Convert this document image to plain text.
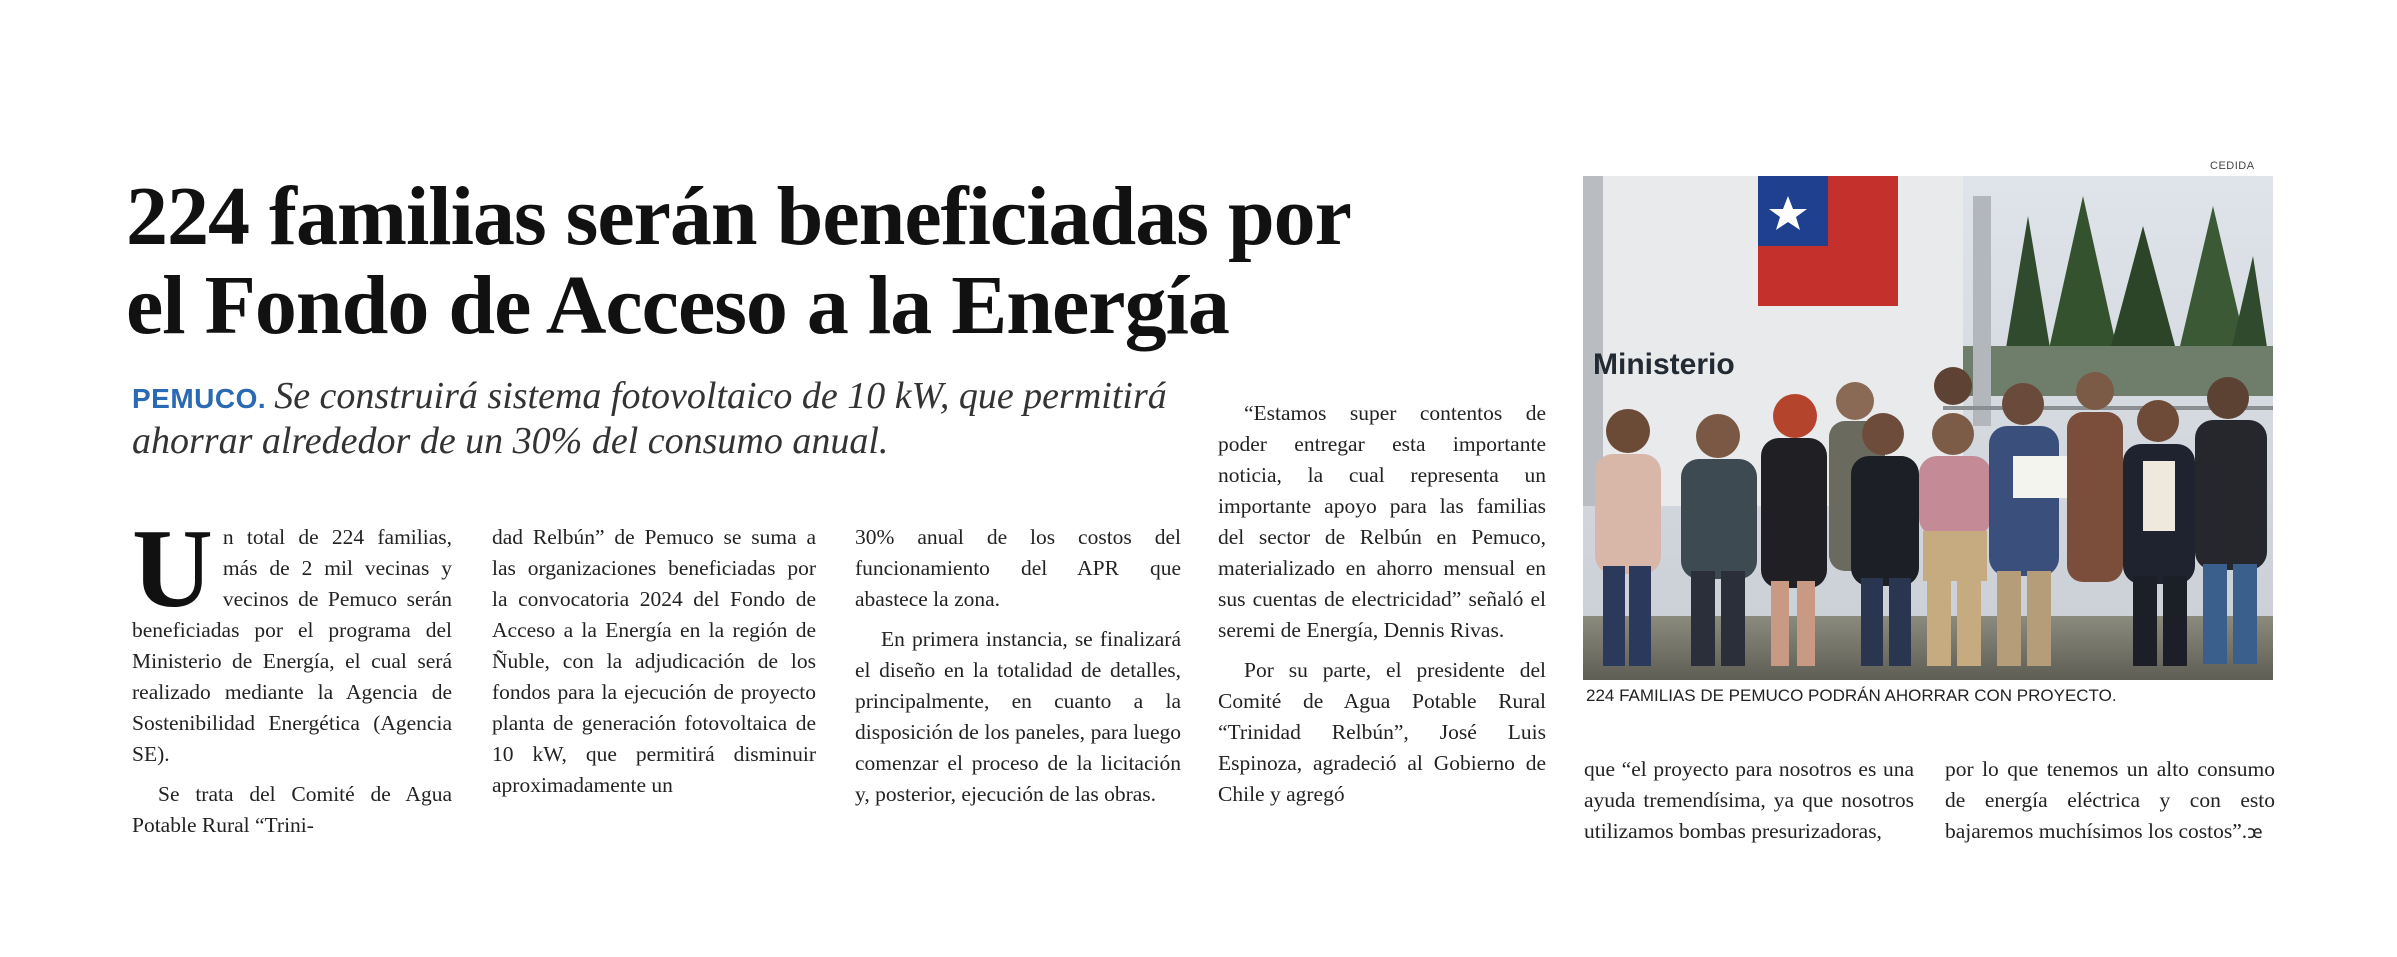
224 familias serán beneficiadas por
el Fondo de Acceso a la Energía
PEMUCO. Se construirá sistema fotovoltaico de 10 kW, que permitirá
ahorrar alrededor de un 30% del consumo anual.

Un total de 224 familias, más de 2 mil vecinas y vecinos de Pemuco serán beneficiadas por el programa del Ministerio de Energía, el cual será realizado mediante la Agencia de Sostenibilidad Energética (Agencia SE).

Se trata del Comité de Agua Potable Rural “Trini-

dad Relbún” de Pemuco se suma a las organizaciones beneficiadas por la convocatoria 2024 del Fondo de Acceso a la Energía en la región de Ñuble, con la adjudicación de los fondos para la ejecución de proyecto planta de generación fotovoltaica de 10 kW, que permitirá disminuir aproximadamente un

30% anual de los costos del funcionamiento del APR que abastece la zona.

En primera instancia, se finalizará el diseño en la totalidad de detalles, principalmente, en cuanto a la disposición de los paneles, para luego comenzar el proceso de la licitación y, posterior, ejecución de las obras.

“Estamos super contentos de poder entregar esta importante noticia, la cual representa un importante apoyo para las familias del sector de Relbún en Pemuco, materializado en ahorro mensual en sus cuentas de electricidad” señaló el seremi de Energía, Dennis Rivas.

Por su parte, el presidente del Comité de Agua Potable Rural “Trinidad Relbún”, José Luis Espinoza, agradeció al Gobierno de Chile y agregó

que “el proyecto para nosotros es una ayuda tremendísima, ya que nosotros utilizamos bombas presurizadoras,

por lo que tenemos un alto consumo de energía eléctrica y con esto bajaremos muchísimos los costos”.ꭢ

CEDIDA
Ministerio
224 FAMILIAS DE PEMUCO PODRÁN AHORRAR CON PROYECTO.
